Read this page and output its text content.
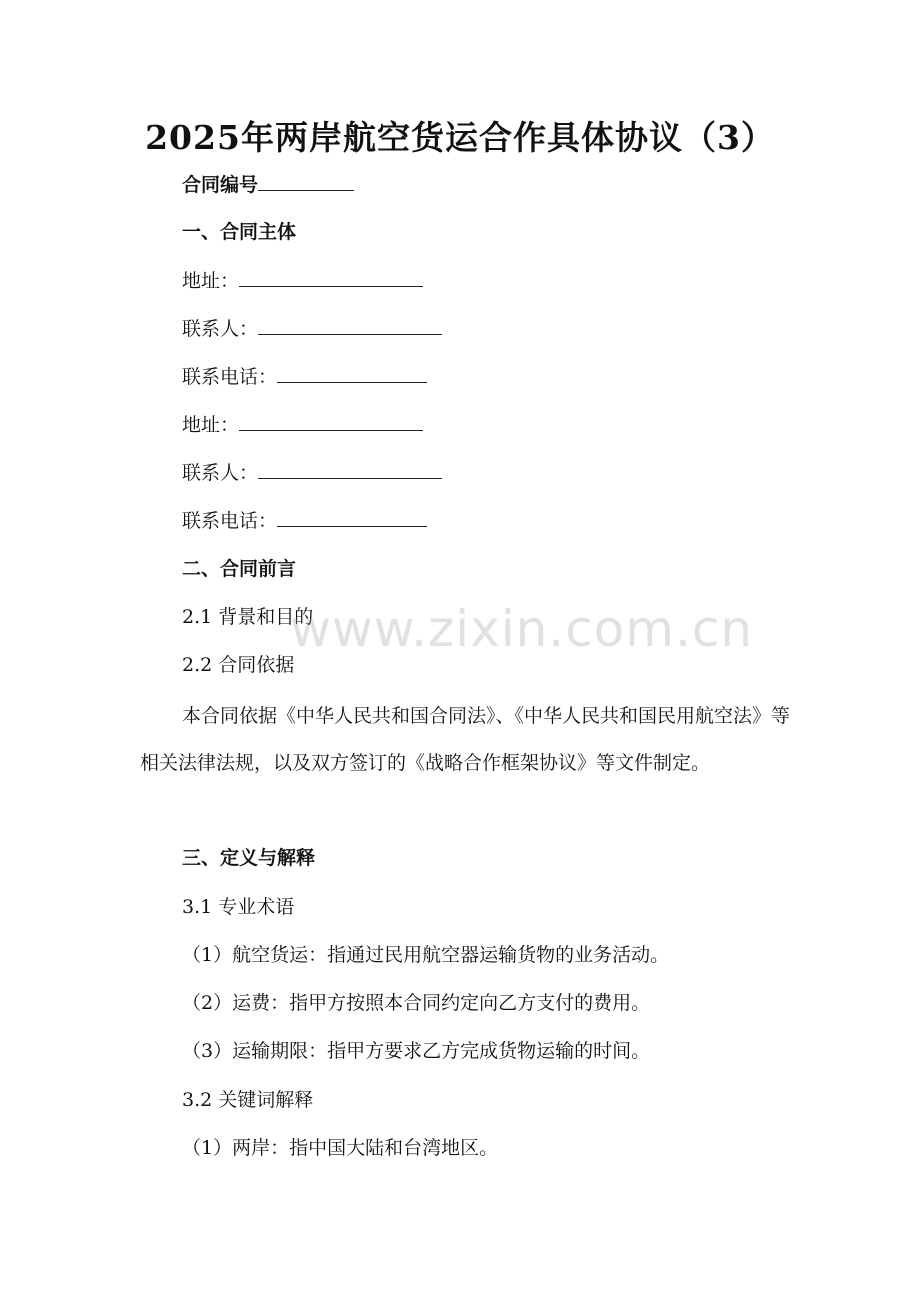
2025年两岸航空货运合作具体协议（3）
合同编号
一、合同主体
地址：
联系人：
联系电话：
地址：
联系人：
联系电话：
二、合同前言
2.1 背景和目的
2.2 合同依据
本合同依据《中华人民共和国合同法》、《中华人民共和国民用航空法》等相关法律法规，以及双方签订的《战略合作框架协议》等文件制定。
三、定义与解释
3.1 专业术语
（1）航空货运：指通过民用航空器运输货物的业务活动。
（2）运费：指甲方按照本合同约定向乙方支付的费用。
（3）运输期限：指甲方要求乙方完成货物运输的时间。
3.2 关键词解释
（1）两岸：指中国大陆和台湾地区。
www.zixin.com.cn
